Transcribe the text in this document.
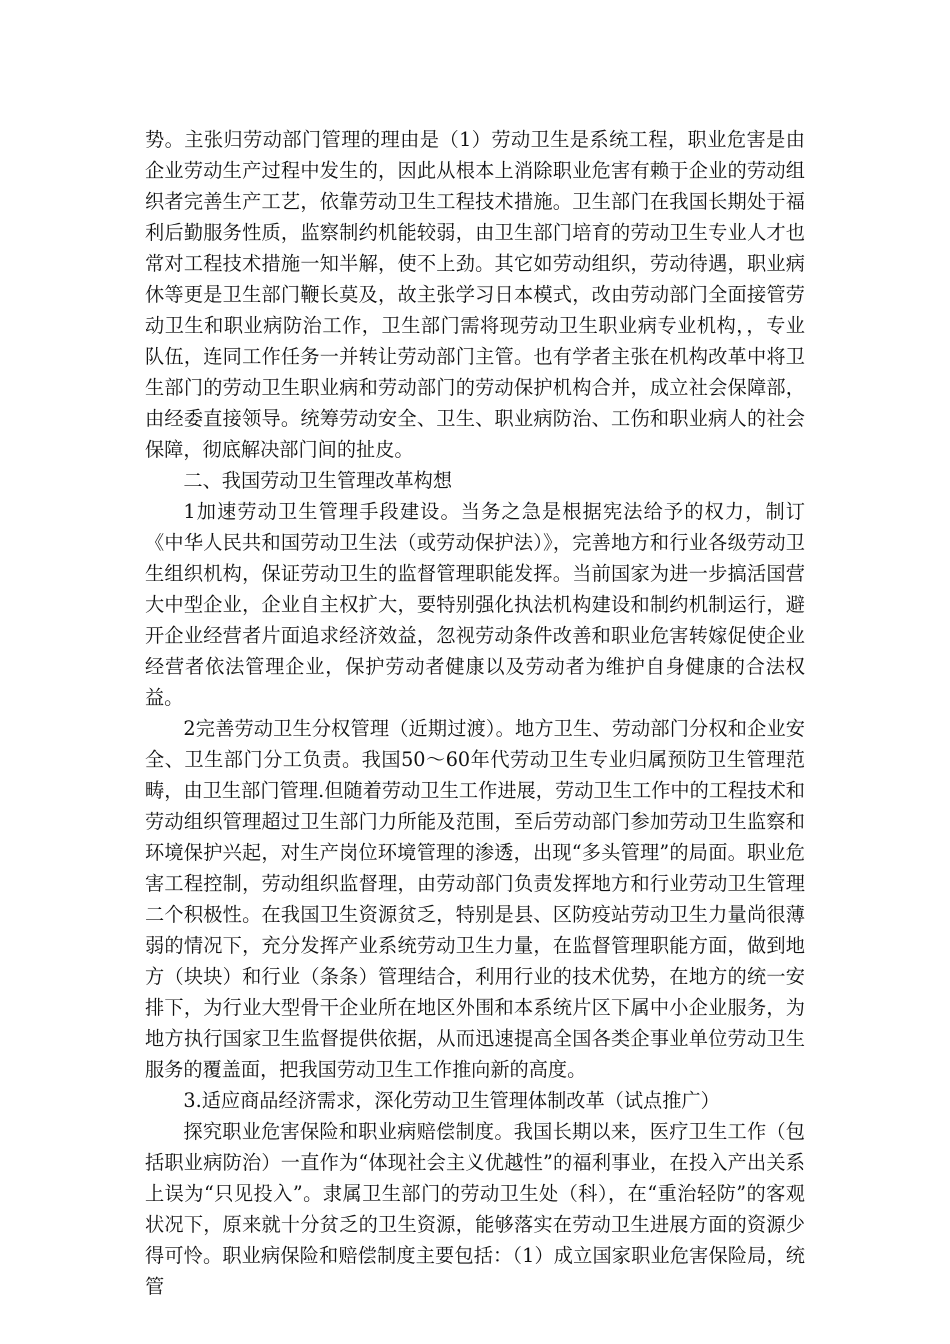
势。主张归劳动部门管理的理由是（1）劳动卫生是系统工程，职业危害是由企业劳动生产过程中发生的，因此从根本上消除职业危害有赖于企业的劳动组织者完善生产工艺，依靠劳动卫生工程技术措施。卫生部门在我国长期处于福利后勤服务性质，监察制约机能较弱，由卫生部门培育的劳动卫生专业人才也常对工程技术措施一知半解，使不上劲。其它如劳动组织，劳动待遇，职业病休等更是卫生部门鞭长莫及，故主张学习日本模式，改由劳动部门全面接管劳动卫生和职业病防治工作，卫生部门需将现劳动卫生职业病专业机构，，专业队伍，连同工作任务一并转让劳动部门主管。也有学者主张在机构改革中将卫生部门的劳动卫生职业病和劳动部门的劳动保护机构合并，成立社会保障部，由经委直接领导。统筹劳动安全、卫生、职业病防治、工伤和职业病人的社会保障，彻底解决部门间的扯皮。

二、我国劳动卫生管理改革构想

1加速劳动卫生管理手段建设。当务之急是根据宪法给予的权力，制订《中华人民共和国劳动卫生法（或劳动保护法）》，完善地方和行业各级劳动卫生组织机构，保证劳动卫生的监督管理职能发挥。当前国家为进一步搞活国营大中型企业，企业自主权扩大，要特别强化执法机构建设和制约机制运行，避开企业经营者片面追求经济效益，忽视劳动条件改善和职业危害转嫁促使企业经营者依法管理企业，保护劳动者健康以及劳动者为维护自身健康的合法权益。

2完善劳动卫生分权管理（近期过渡）。地方卫生、劳动部门分权和企业安全、卫生部门分工负责。我国50～60年代劳动卫生专业归属预防卫生管理范畴，由卫生部门管理.但随着劳动卫生工作进展，劳动卫生工作中的工程技术和劳动组织管理超过卫生部门力所能及范围，至后劳动部门参加劳动卫生监察和环境保护兴起，对生产岗位环境管理的渗透，出现“多头管理”的局面。职业危害工程控制，劳动组织监督理，由劳动部门负责发挥地方和行业劳动卫生管理二个积极性。在我国卫生资源贫乏，特别是县、区防疫站劳动卫生力量尚很薄弱的情况下，充分发挥产业系统劳动卫生力量，在监督管理职能方面，做到地方（块块）和行业（条条）管理结合，利用行业的技术优势，在地方的统一安排下，为行业大型骨干企业所在地区外围和本系统片区下属中小企业服务，为地方执行国家卫生监督提供依据，从而迅速提高全国各类企事业单位劳动卫生服务的覆盖面，把我国劳动卫生工作推向新的高度。

3.适应商品经济需求，深化劳动卫生管理体制改革（试点推广）

探究职业危害保险和职业病赔偿制度。我国长期以来，医疗卫生工作（包括职业病防治）一直作为“体现社会主义优越性”的福利事业，在投入产出关系上误为“只见投入”。隶属卫生部门的劳动卫生处（科），在“重治轻防”的客观状况下，原来就十分贫乏的卫生资源，能够落实在劳动卫生进展方面的资源少得可怜。职业病保险和赔偿制度主要包括：（1）成立国家职业危害保险局，统管
